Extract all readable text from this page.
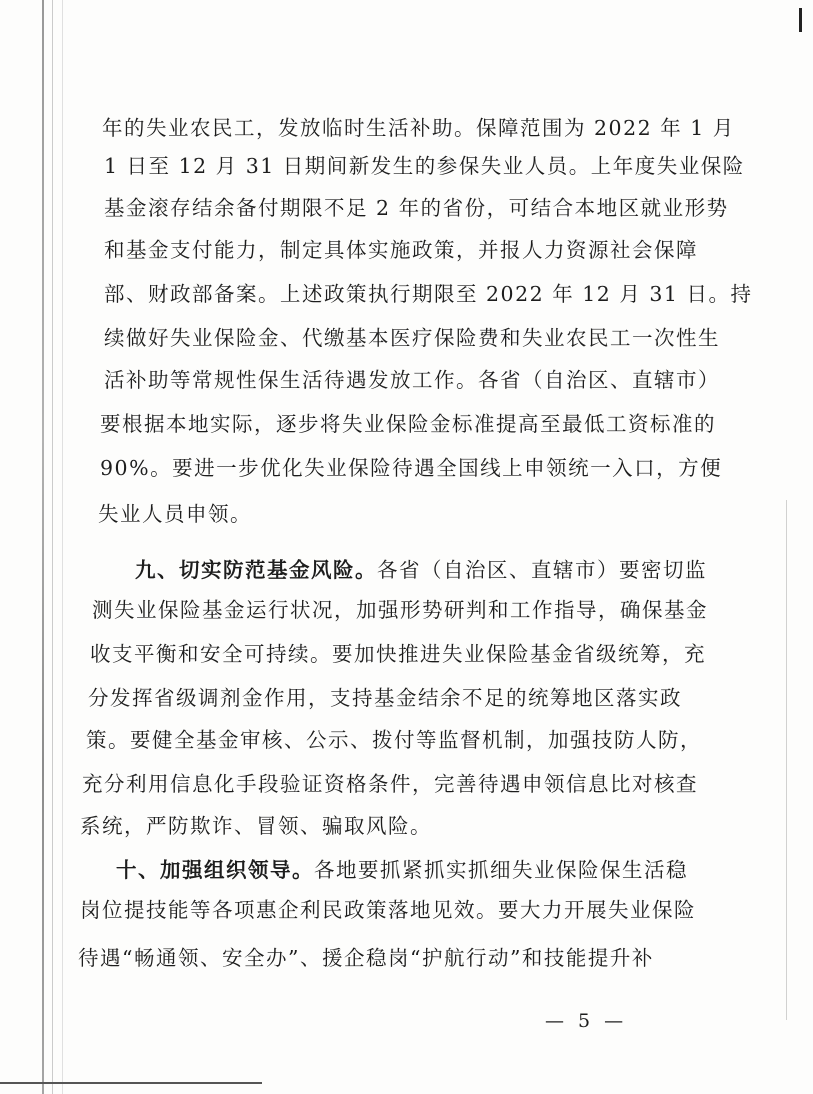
年的失业农民工，发放临时生活补助。保障范围为 2022 年 1 月
1 日至 12 月 31 日期间新发生的参保失业人员。上年度失业保险
基金滚存结余备付期限不足 2 年的省份，可结合本地区就业形势
和基金支付能力，制定具体实施政策，并报人力资源社会保障
部、财政部备案。上述政策执行期限至 2022 年 12 月 31 日。持
续做好失业保险金、代缴基本医疗保险费和失业农民工一次性生
活补助等常规性保生活待遇发放工作。各省（自治区、直辖市）
要根据本地实际，逐步将失业保险金标准提高至最低工资标准的
90%。要进一步优化失业保险待遇全国线上申领统一入口，方便
失业人员申领。
九、切实防范基金风险。各省（自治区、直辖市）要密切监
测失业保险基金运行状况，加强形势研判和工作指导，确保基金
收支平衡和安全可持续。要加快推进失业保险基金省级统筹，充
分发挥省级调剂金作用，支持基金结余不足的统筹地区落实政
策。要健全基金审核、公示、拨付等监督机制，加强技防人防，
充分利用信息化手段验证资格条件，完善待遇申领信息比对核查
系统，严防欺诈、冒领、骗取风险。
十、加强组织领导。各地要抓紧抓实抓细失业保险保生活稳
岗位提技能等各项惠企利民政策落地见效。要大力开展失业保险
待遇“畅通领、安全办”、援企稳岗“护航行动”和技能提升补
— 5 —
